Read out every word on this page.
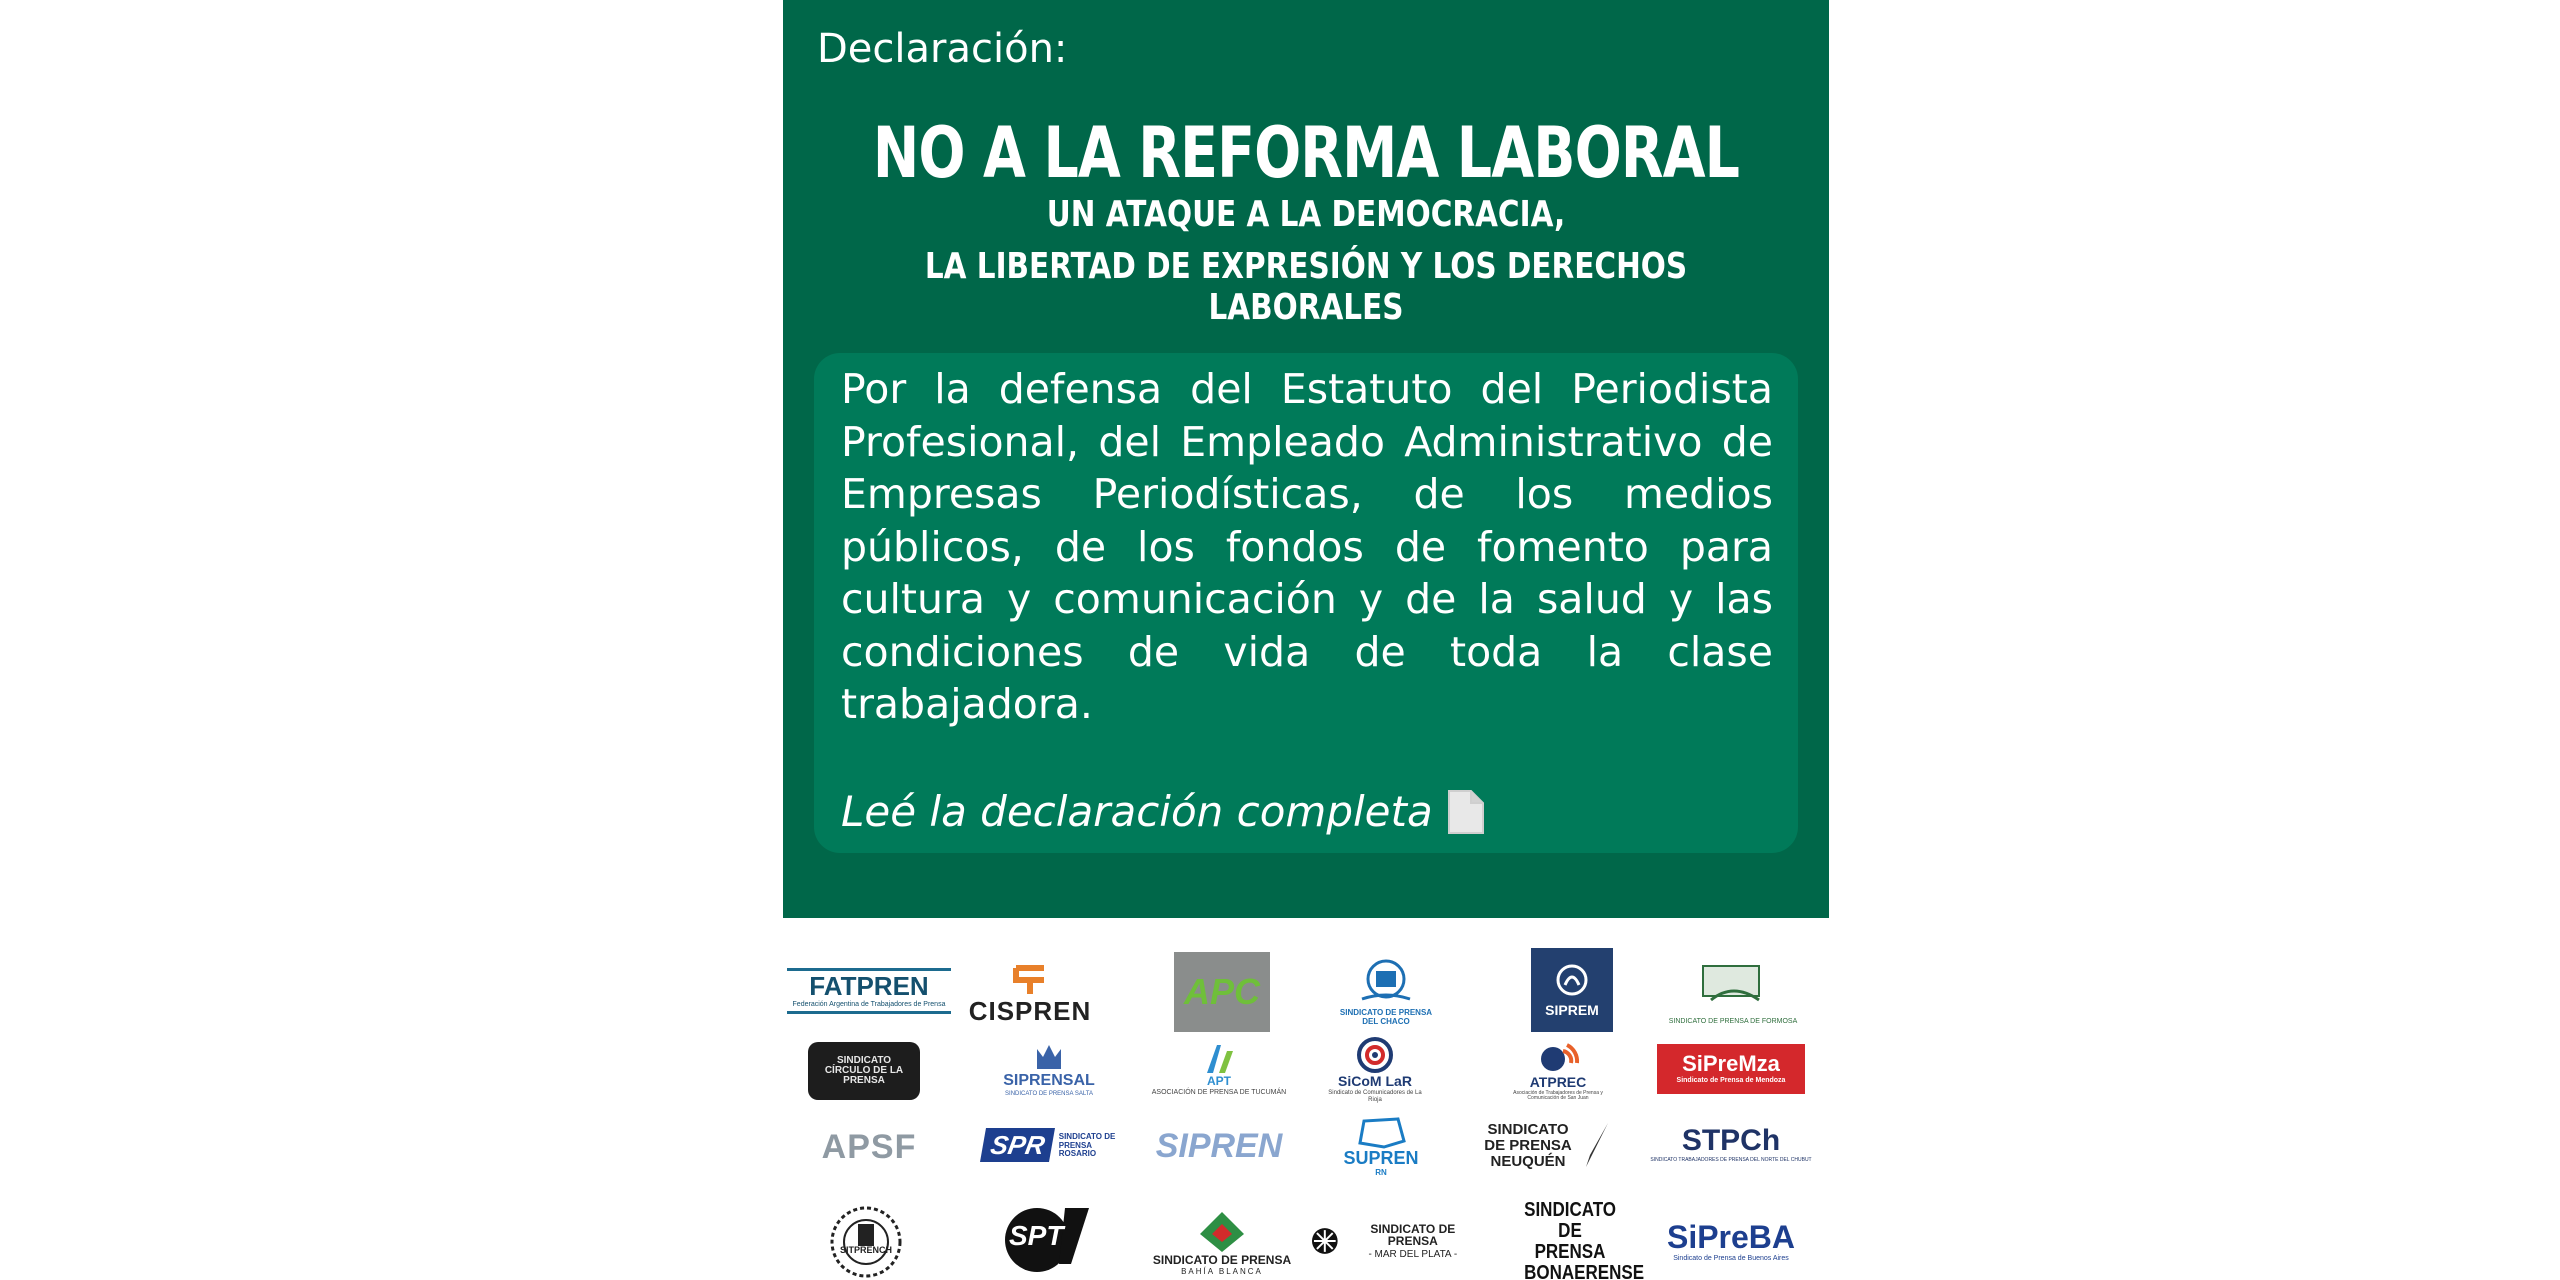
Declaración:
NO A LA REFORMA LABORAL
UN ATAQUE A LA DEMOCRACIA,
LA LIBERTAD DE EXPRESIÓN Y LOS DERECHOS LABORALES
Por la defensa del Estatuto del Periodista Profesional, del Empleado Administrativo de Empresas Periodísticas, de los medios públicos, de los fondos de fomento para cultura y comunicación y de la salud y las condiciones de vida de toda la clase trabajadora.
Leé la declaración completa
FATPREN
Federación Argentina de Trabajadores de Prensa CISPREN	APC
SINDICATO DE PRENSA DEL CHACO
SIPREM
SINDICATO DE PRENSA DE FORMOSA
SINDICATO CÍRCULO DE LA PRENSA	SIPRENSAL
SINDICATO DE PRENSA SALTA
APT
ASOCIACIÓN DE PRENSA DE TUCUMÁN
SiCoM LaR
Sindicato de Comunicadores de La Rioja
ATPREC
Asociación de Trabajadores de Prensa y Comunicación de San Juan
SiPreMza
Sindicato de Prensa de Mendoza
APSF	SPR SINDICATO DE PRENSA ROSARIO	SIPREN	SUPREN
RN
SINDICATO DE PRENSA NEUQUÉN
STPCh
SINDICATO TRABAJADORES DE PRENSA DEL NORTE DEL CHUBUT
SITPRENCH	SPT
SINDICATO DE PRENSA
BAHÍA BLANCA
SINDICATO DE PRENSA
- MAR DEL PLATA -
SINDICATO DE PRENSA BONAERENSE
SiPreBA
Sindicato de Prensa de Buenos Aires
